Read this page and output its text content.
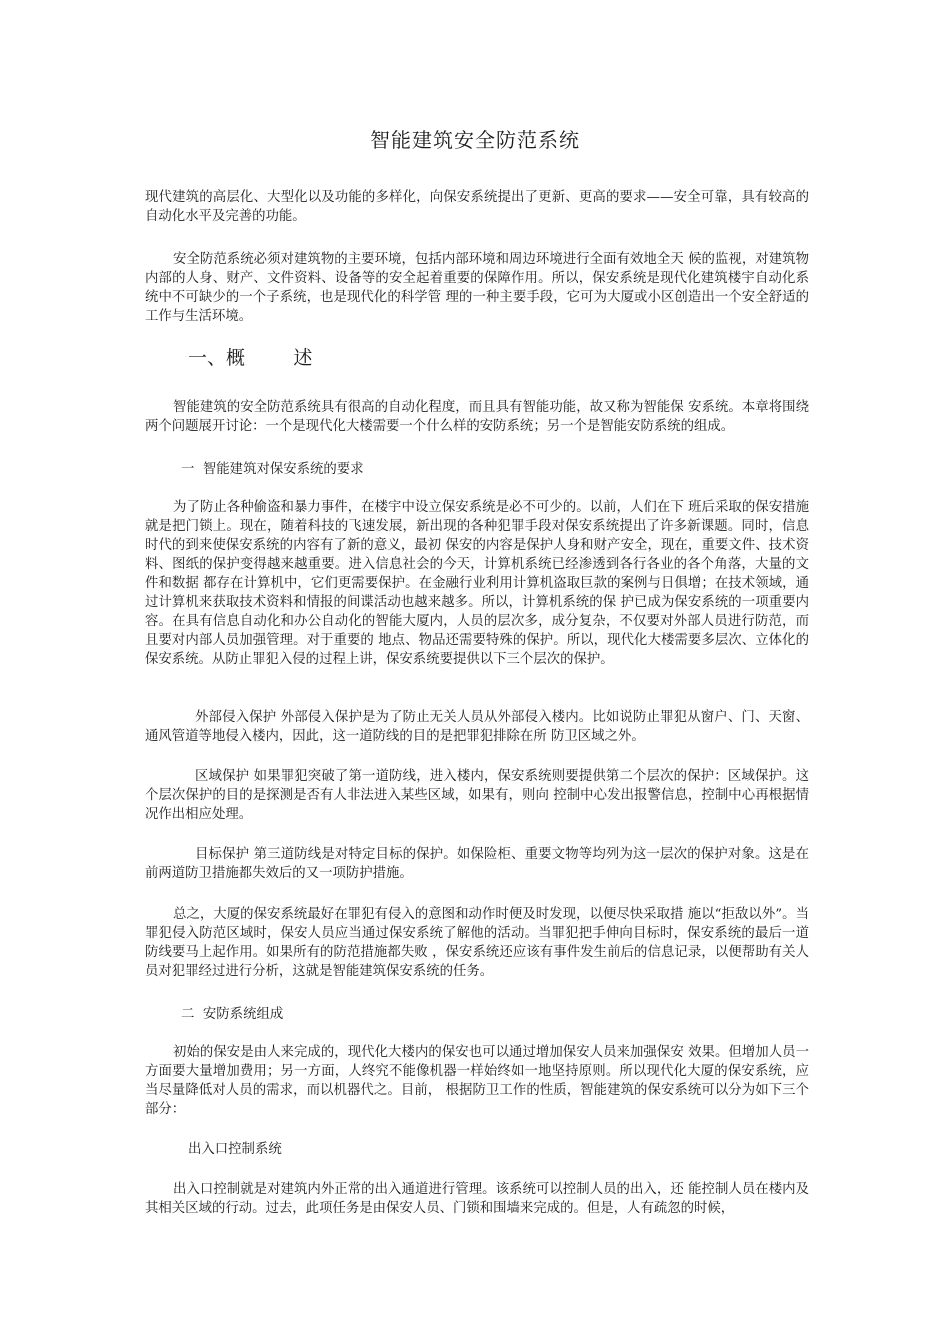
智能建筑安全防范系统
现代建筑的高层化、大型化以及功能的多样化，向保安系统提出了更新、更高的要求——安全可靠，具有较高的自动化水平及完善的功能。
安全防范系统必须对建筑物的主要环境，包括内部环境和周边环境进行全面有效地全天 候的监视，对建筑物内部的人身、财产、文件资料、设备等的安全起着重要的保障作用。所以，保安系统是现代化建筑楼宇自动化系统中不可缺少的一个子系统，也是现代化的科学管 理的一种主要手段，它可为大厦或小区创造出一个安全舒适的工作与生活环境。
一、概        述
智能建筑的安全防范系统具有很高的自动化程度，而且具有智能功能，故又称为智能保 安系统。本章将围绕两个问题展开讨论：一个是现代化大楼需要一个什么样的安防系统；另一个是智能安防系统的组成。
一  智能建筑对保安系统的要求
为了防止各种偷盗和暴力事件，在楼宇中设立保安系统是必不可少的。以前，人们在下 班后采取的保安措施就是把门锁上。现在，随着科技的飞速发展，新出现的各种犯罪手段对保安系统提出了许多新课题。同时，信息时代的到来使保安系统的内容有了新的意义，最初 保安的内容是保护人身和财产安全，现在，重要文件、技术资料、图纸的保护变得越来越重要。进入信息社会的今天，计算机系统已经渗透到各行各业的各个角落，大量的文件和数据 都存在计算机中，它们更需要保护。在金融行业利用计算机盗取巨款的案例与日俱增；在技术领域，通过计算机来获取技术资料和情报的间谍活动也越来越多。所以，计算机系统的保 护已成为保安系统的一项重要内容。在具有信息自动化和办公自动化的智能大厦内，人员的层次多，成分复杂，不仅要对外部人员进行防范，而且要对内部人员加强管理。对于重要的 地点、物品还需要特殊的保护。所以，现代化大楼需要多层次、立体化的保安系统。从防止罪犯入侵的过程上讲，保安系统要提供以下三个层次的保护。
外部侵入保护 外部侵入保护是为了防止无关人员从外部侵入楼内。比如说防止罪犯从窗户、门、天窗、通风管道等地侵入楼内，因此，这一道防线的目的是把罪犯排除在所 防卫区域之外。
区域保护 如果罪犯突破了第一道防线，进入楼内，保安系统则要提供第二个层次的保护：区域保护。这个层次保护的目的是探测是否有人非法进入某些区域，如果有，则向 控制中心发出报警信息，控制中心再根据情况作出相应处理。
目标保护 第三道防线是对特定目标的保护。如保险柜、重要文物等均列为这一层次的保护对象。这是在前两道防卫措施都失效后的又一项防护措施。
总之，大厦的保安系统最好在罪犯有侵入的意图和动作时便及时发现，以便尽快采取措 施以“拒敌以外”。当罪犯侵入防范区域时，保安人员应当通过保安系统了解他的活动。当罪犯把手伸向目标时，保安系统的最后一道防线要马上起作用。如果所有的防范措施都失败 ，保安系统还应该有事件发生前后的信息记录，以便帮助有关人员对犯罪经过进行分析，这就是智能建筑保安系统的任务。
二  安防系统组成
初始的保安是由人来完成的，现代化大楼内的保安也可以通过增加保安人员来加强保安 效果。但增加人员一方面要大量增加费用；另一方面，人终究不能像机器一样始终如一地坚持原则。所以现代化大厦的保安系统，应当尽量降低对人员的需求，而以机器代之。目前， 根据防卫工作的性质，智能建筑的保安系统可以分为如下三个部分：
出入口控制系统
出入口控制就是对建筑内外正常的出入通道进行管理。该系统可以控制人员的出入，还 能控制人员在楼内及其相关区域的行动。过去，此项任务是由保安人员、门锁和围墙来完成的。但是，人有疏忽的时候，
